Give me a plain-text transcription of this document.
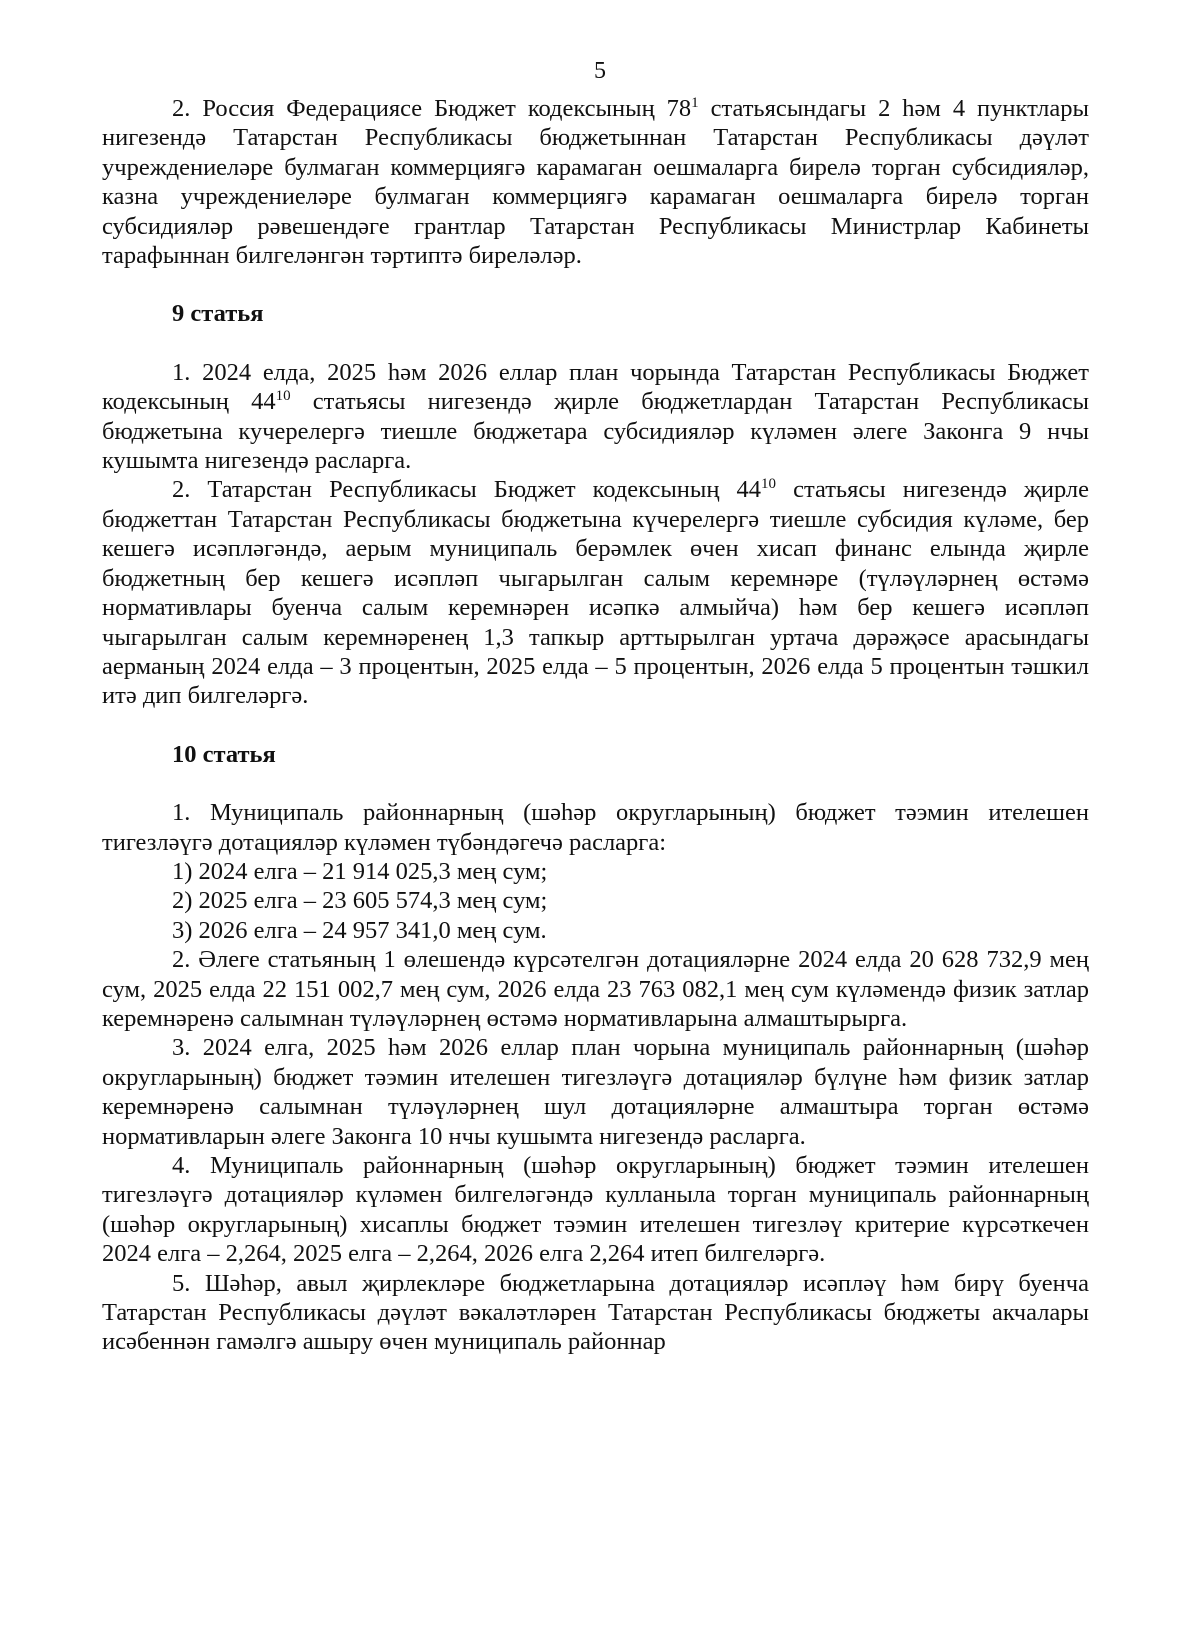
5

2. Россия Федерациясе Бюджет кодексының $78^1$ статьясындагы 2 һәм 4 пунктлары нигезендә Татарстан Республикасы бюджетыннан Татарстан Республикасы дәүләт учреждениеләре булмаган коммерциягә карамаган оешмаларга бирелә торган субсидияләр, казна учреждениеләре булмаган коммерциягә карамаган оешмаларга бирелә торган субсидияләр рәвешендәге грантлар Татарстан Республикасы Министрлар Кабинеты тарафыннан билгеләнгән тәртиптә биреләләр.

9 статья

1. 2024 елда, 2025 һәм 2026 еллар план чорында Татарстан Республикасы Бюджет кодексының $44^{10}$ статьясы нигезендә җирле бюджетлардан Татарстан Республикасы бюджетына кучерелергә тиешле бюджетара субсидияләр күләмен әлеге Законга 9 нчы кушымта нигезендә расларга.

2. Татарстан Республикасы Бюджет кодексының $44^{10}$ статьясы нигезендә җирле бюджеттан Татарстан Республикасы бюджетына күчерелергә тиешле субсидия күләме, бер кешегә исәпләгәндә, аерым муниципаль берәмлек өчен хисап финанс елында җирле бюджетның бер кешегә исәпләп чыгарылган салым керемнәре (түләүләрнең өстәмә нормативлары буенча салым керемнәрен исәпкә алмыйча) һәм бер кешегә исәпләп чыгарылган салым керемнәренең 1,3 тапкыр арттырылган уртача дәрәҗәсе арасындагы аерманың 2024 елда – 3 процентын, 2025 елда – 5 процентын, 2026 елда 5 процентын тәшкил итә дип билгеләргә.

10 статья

1. Муниципаль районнарның (шәһәр округларының) бюджет тәэмин ителешен тигезләүгә дотацияләр күләмен түбәндәгечә расларга:

1) 2024 елга – 21 914 025,3 мең сум;

2) 2025 елга – 23 605 574,3 мең сум;

3) 2026 елга – 24 957 341,0 мең сум.

2. Әлеге статьяның 1 өлешендә күрсәтелгән дотацияләрне 2024 елда 20 628 732,9 мең сум, 2025 елда 22 151 002,7 мең сум, 2026 елда 23 763 082,1 мең сум күләмендә физик затлар керемнәренә салымнан түләүләрнең өстәмә нормативларына алмаштырырга.

3. 2024 елга, 2025 һәм 2026 еллар план чорына муниципаль районнарның (шәһәр округларының) бюджет тәэмин ителешен тигезләүгә дотацияләр бүлүне һәм физик затлар керемнәренә салымнан түләүләрнең шул дотацияләрне алмаштыра торган өстәмә нормативларын әлеге Законга 10 нчы кушымта нигезендә расларга.

4. Муниципаль районнарның (шәһәр округларының) бюджет тәэмин ителешен тигезләүгә дотацияләр күләмен билгеләгәндә кулланыла торган муниципаль районнарның (шәһәр округларының) хисаплы бюджет тәэмин ителешен тигезләү критерие күрсәткечен 2024 елга – 2,264, 2025 елга – 2,264, 2026 елга 2,264 итеп билгеләргә.

5. Шәһәр, авыл җирлекләре бюджетларына дотацияләр исәпләү һәм бирү буенча Татарстан Республикасы дәүләт вәкаләтләрен Татарстан Республикасы бюджеты акчалары исәбеннән гамәлгә ашыру өчен муниципаль районнар
